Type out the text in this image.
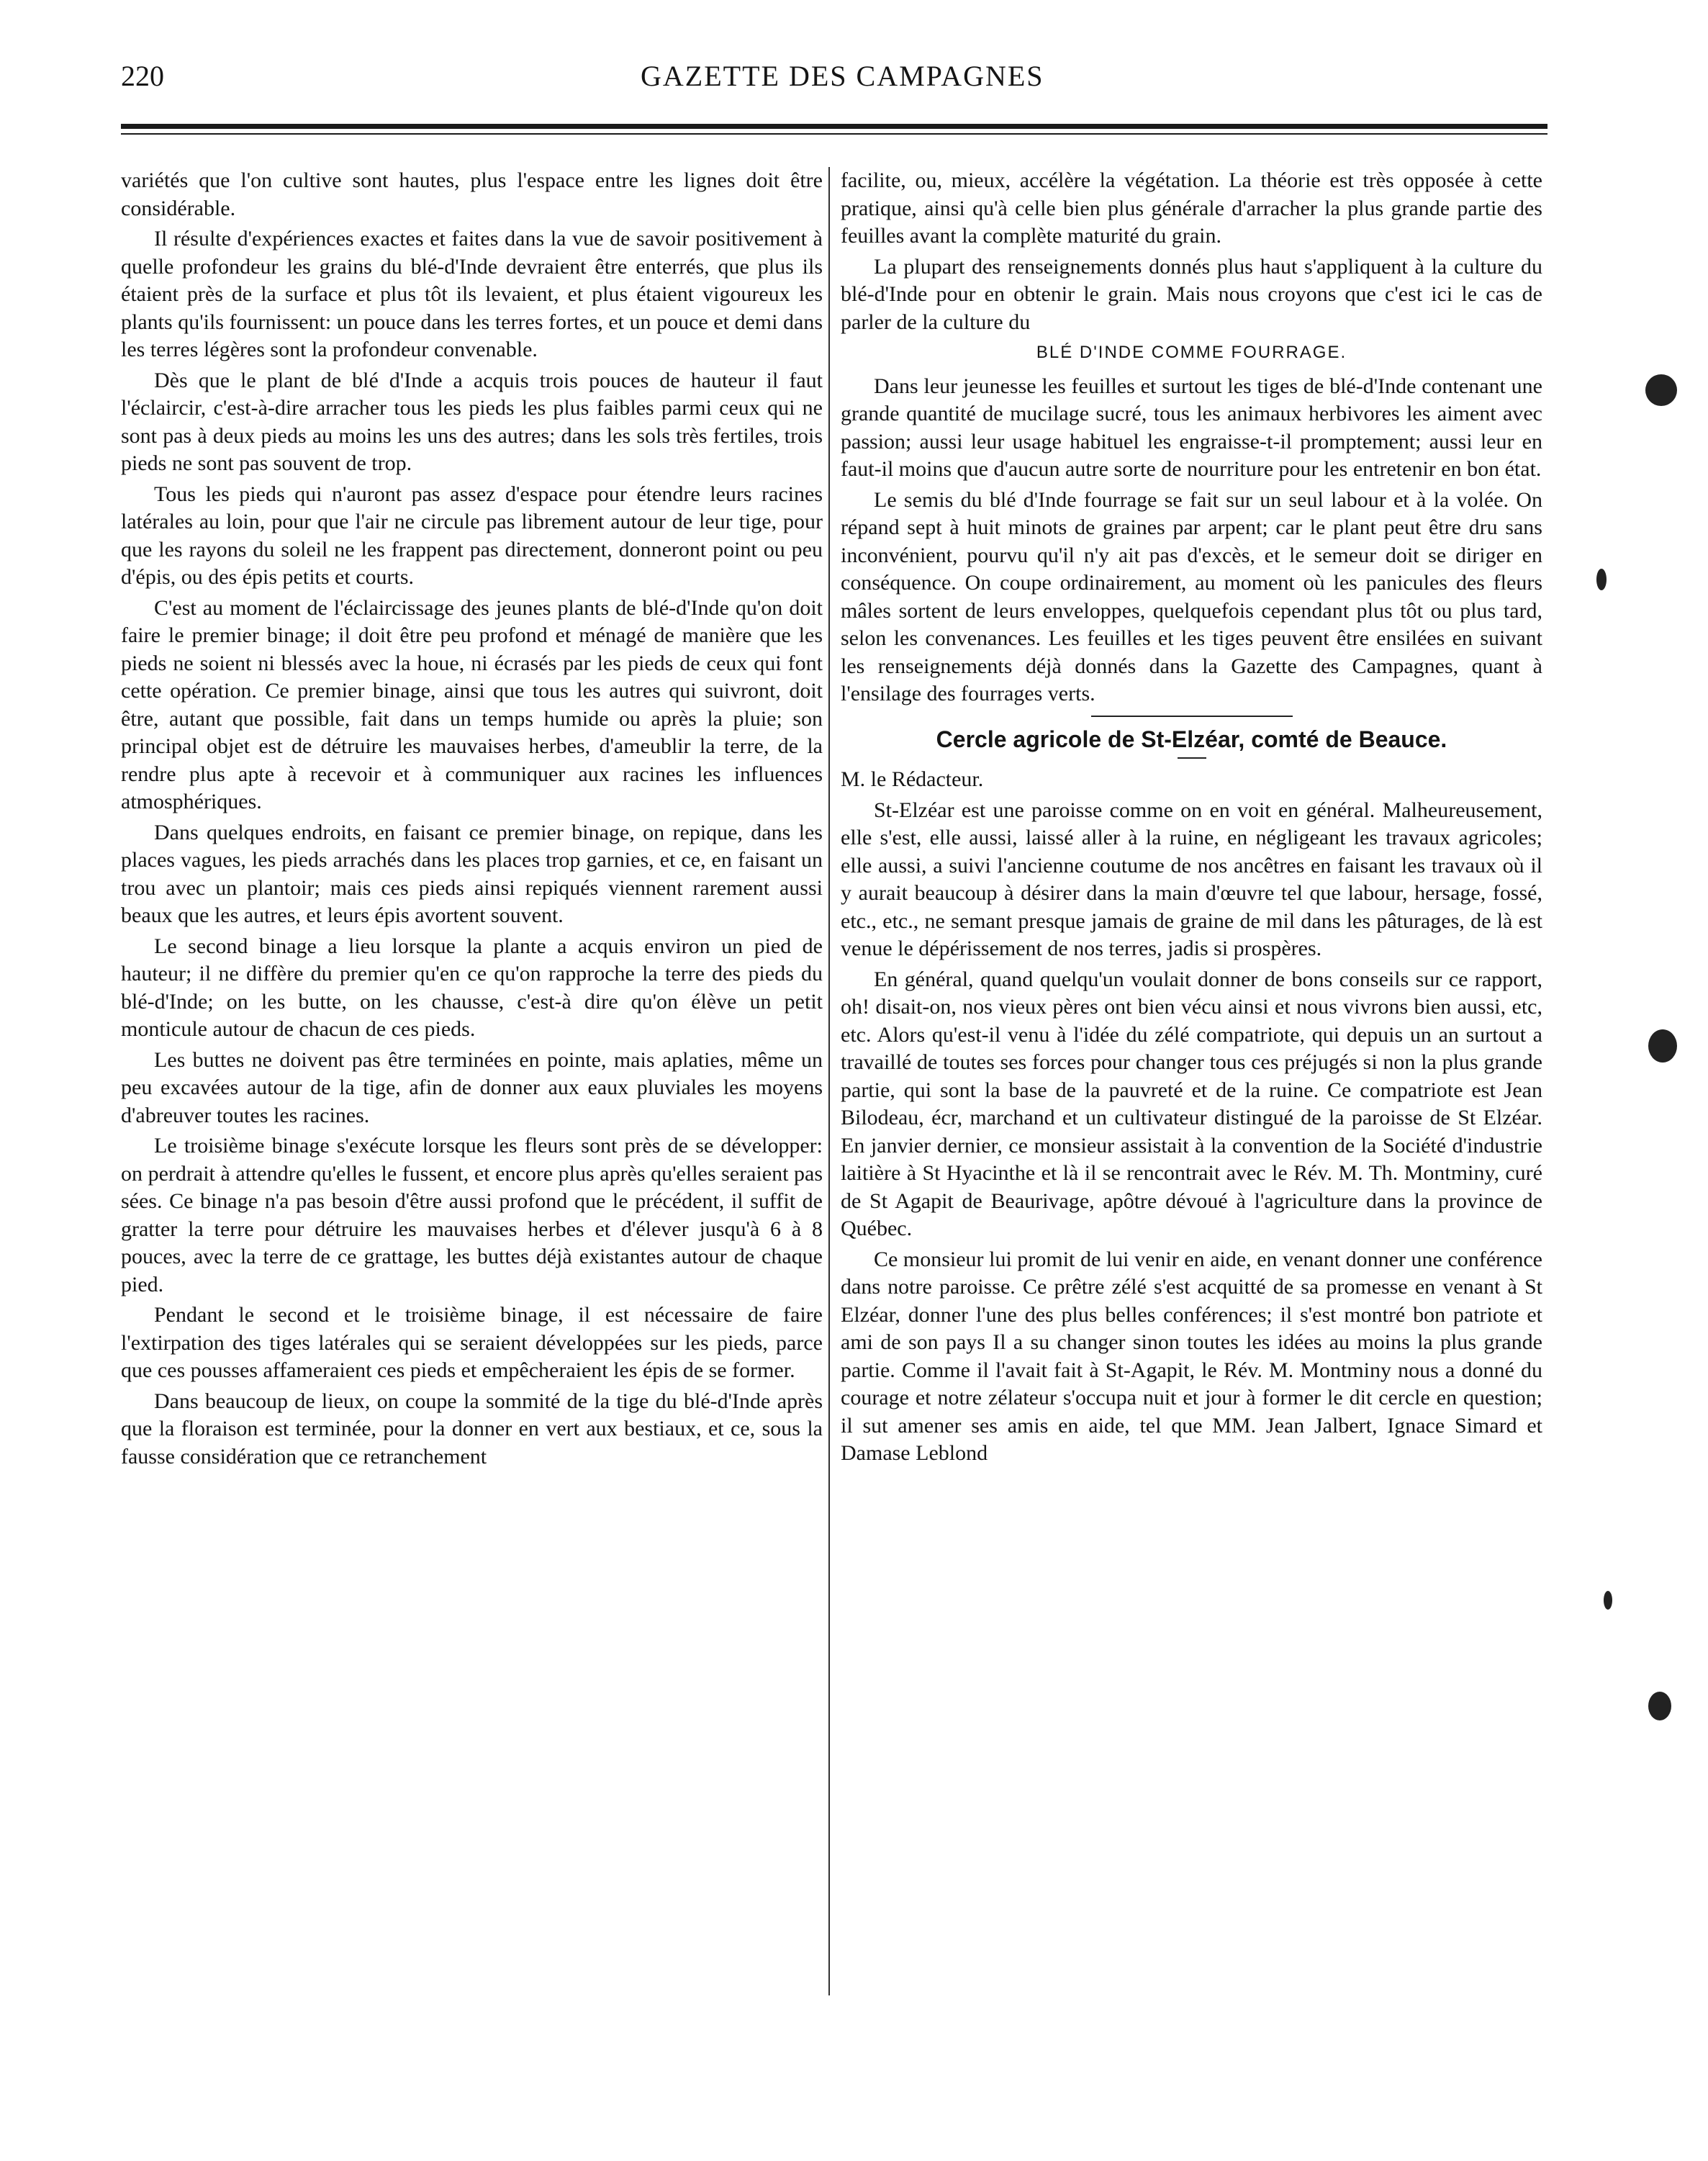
220	GAZETTE DES CAMPAGNES

variétés que l'on cultive sont hautes, plus l'espace entre les lignes doit être considérable.

Il résulte d'expériences exactes et faites dans la vue de savoir positivement à quelle profondeur les grains du blé-d'Inde devraient être enterrés, que plus ils étaient près de la surface et plus tôt ils levaient, et plus étaient vigoureux les plants qu'ils fournissent: un pouce dans les terres fortes, et un pouce et demi dans les terres légères sont la profondeur convenable.

Dès que le plant de blé d'Inde a acquis trois pouces de hauteur il faut l'éclaircir, c'est-à-dire arracher tous les pieds les plus faibles parmi ceux qui ne sont pas à deux pieds au moins les uns des autres; dans les sols très fertiles, trois pieds ne sont pas souvent de trop.

Tous les pieds qui n'auront pas assez d'espace pour étendre leurs racines latérales au loin, pour que l'air ne circule pas librement autour de leur tige, pour que les rayons du soleil ne les frappent pas directement, donneront point ou peu d'épis, ou des épis petits et courts.

C'est au moment de l'éclaircissage des jeunes plants de blé-d'Inde qu'on doit faire le premier binage; il doit être peu profond et ménagé de manière que les pieds ne soient ni blessés avec la houe, ni écrasés par les pieds de ceux qui font cette opération. Ce premier binage, ainsi que tous les autres qui suivront, doit être, autant que possible, fait dans un temps humide ou après la pluie; son principal objet est de détruire les mauvaises herbes, d'ameublir la terre, de la rendre plus apte à recevoir et à communiquer aux racines les influences atmosphériques.

Dans quelques endroits, en faisant ce premier binage, on repique, dans les places vagues, les pieds arrachés dans les places trop garnies, et ce, en faisant un trou avec un plantoir; mais ces pieds ainsi repiqués viennent rarement aussi beaux que les autres, et leurs épis avortent souvent.

Le second binage a lieu lorsque la plante a acquis environ un pied de hauteur; il ne diffère du premier qu'en ce qu'on rapproche la terre des pieds du blé-d'Inde; on les butte, on les chausse, c'est-à dire qu'on élève un petit monticule autour de chacun de ces pieds.

Les buttes ne doivent pas être terminées en pointe, mais aplaties, même un peu excavées autour de la tige, afin de donner aux eaux pluviales les moyens d'abreuver toutes les racines.

Le troisième binage s'exécute lorsque les fleurs sont près de se développer: on perdrait à attendre qu'elles le fussent, et encore plus après qu'elles seraient pas sées. Ce binage n'a pas besoin d'être aussi profond que le précédent, il suffit de gratter la terre pour détruire les mauvaises herbes et d'élever jusqu'à 6 à 8 pouces, avec la terre de ce grattage, les buttes déjà existantes autour de chaque pied.

Pendant le second et le troisième binage, il est nécessaire de faire l'extirpation des tiges latérales qui se seraient développées sur les pieds, parce que ces pousses affameraient ces pieds et empêcheraient les épis de se former.

Dans beaucoup de lieux, on coupe la sommité de la tige du blé-d'Inde après que la floraison est terminée, pour la donner en vert aux bestiaux, et ce, sous la fausse considération que ce retranchement

facilite, ou, mieux, accélère la végétation. La théorie est très opposée à cette pratique, ainsi qu'à celle bien plus générale d'arracher la plus grande partie des feuilles avant la complète maturité du grain.

La plupart des renseignements donnés plus haut s'appliquent à la culture du blé-d'Inde pour en obtenir le grain. Mais nous croyons que c'est ici le cas de parler de la culture du

BLÉ D'INDE COMME FOURRAGE.

Dans leur jeunesse les feuilles et surtout les tiges de blé-d'Inde contenant une grande quantité de mucilage sucré, tous les animaux herbivores les aiment avec passion; aussi leur usage habituel les engraisse-t-il promptement; aussi leur en faut-il moins que d'aucun autre sorte de nourriture pour les entretenir en bon état.

Le semis du blé d'Inde fourrage se fait sur un seul labour et à la volée. On répand sept à huit minots de graines par arpent; car le plant peut être dru sans inconvénient, pourvu qu'il n'y ait pas d'excès, et le semeur doit se diriger en conséquence. On coupe ordinairement, au moment où les panicules des fleurs mâles sortent de leurs enveloppes, quelquefois cependant plus tôt ou plus tard, selon les convenances. Les feuilles et les tiges peuvent être ensilées en suivant les renseignements déjà donnés dans la Gazette des Campagnes, quant à l'ensilage des fourrages verts.

Cercle agricole de St-Elzéar, comté de Beauce.

M. le Rédacteur.

St-Elzéar est une paroisse comme on en voit en général. Malheureusement, elle s'est, elle aussi, laissé aller à la ruine, en négligeant les travaux agricoles; elle aussi, a suivi l'ancienne coutume de nos ancêtres en faisant les travaux où il y aurait beaucoup à désirer dans la main d'œuvre tel que labour, hersage, fossé, etc., etc., ne semant presque jamais de graine de mil dans les pâturages, de là est venue le dépérissement de nos terres, jadis si prospères.

En général, quand quelqu'un voulait donner de bons conseils sur ce rapport, oh! disait-on, nos vieux pères ont bien vécu ainsi et nous vivrons bien aussi, etc, etc. Alors qu'est-il venu à l'idée du zélé compatriote, qui depuis un an surtout a travaillé de toutes ses forces pour changer tous ces préjugés si non la plus grande partie, qui sont la base de la pauvreté et de la ruine. Ce compatriote est Jean Bilodeau, écr, marchand et un cultivateur distingué de la paroisse de St Elzéar. En janvier dernier, ce monsieur assistait à la convention de la Société d'industrie laitière à St Hyacinthe et là il se rencontrait avec le Rév. M. Th. Montminy, curé de St Agapit de Beaurivage, apôtre dévoué à l'agriculture dans la province de Québec.

Ce monsieur lui promit de lui venir en aide, en venant donner une conférence dans notre paroisse. Ce prêtre zélé s'est acquitté de sa promesse en venant à St Elzéar, donner l'une des plus belles conférences; il s'est montré bon patriote et ami de son pays Il a su changer sinon toutes les idées au moins la plus grande partie. Comme il l'avait fait à St-Agapit, le Rév. M. Montminy nous a donné du courage et notre zélateur s'occupa nuit et jour à former le dit cercle en question; il sut amener ses amis en aide, tel que MM. Jean Jalbert, Ignace Simard et Damase Leblond
